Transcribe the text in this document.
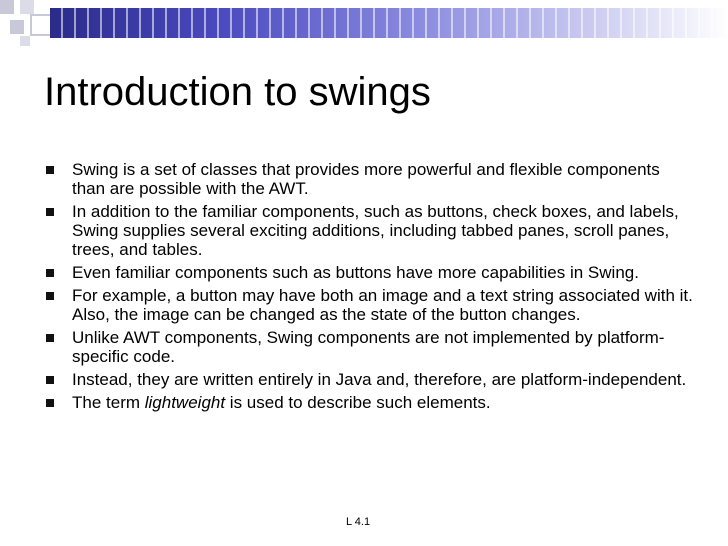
Introduction to swings
Swing is a set of classes that provides more powerful and flexible components than are possible with the AWT.
In addition to the familiar components, such as buttons, check boxes, and labels, Swing supplies several exciting additions, including tabbed panes, scroll panes, trees, and tables.
Even familiar components such as buttons have more capabilities in Swing.
For example, a button may have both an image and a text string associated with it. Also, the image can be changed as the state of the button changes.
Unlike AWT components, Swing components are not implemented by platform-specific code.
Instead, they are written entirely in Java and, therefore, are platform-independent.
The term lightweight is used to describe such elements.
L 4.1
